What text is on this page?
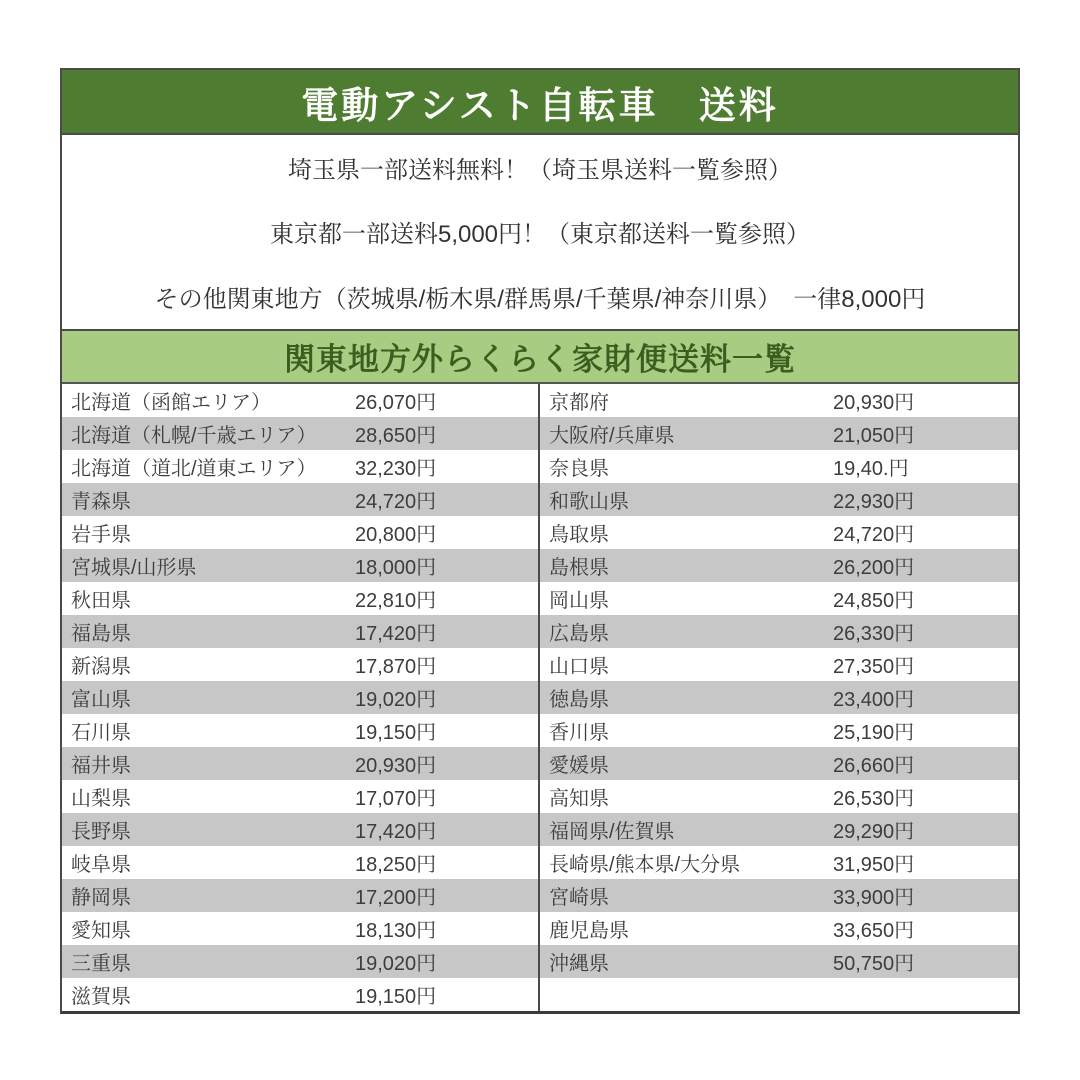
電動アシスト自転車　送料
埼玉県一部送料無料！（埼玉県送料一覧参照）
東京都一部送料5,000円！（東京都送料一覧参照）
その他関東地方（茨城県/栃木県/群馬県/千葉県/神奈川県）　一律8,000円
関東地方外らくらく家財便送料一覧
北海道（函館エリア）	26,070円
北海道（札幌/千歳エリア） 28,650円
北海道（道北/道東エリア） 32,230円
青森県	24,720円
岩手県	20,800円
宮城県/山形県	18,000円
秋田県	22,810円
福島県	17,420円
新潟県	17,870円
富山県	19,020円
石川県	19,150円
福井県	20,930円
山梨県	17,070円
長野県	17,420円
岐阜県	18,250円
静岡県	17,200円
愛知県	18,130円
三重県	19,020円
滋賀県	19,150円
京都府	20,930円
大阪府/兵庫県	21,050円
奈良県	19,40.円
和歌山県	22,930円
鳥取県	24,720円
島根県	26,200円
岡山県	24,850円
広島県	26,330円
山口県	27,350円
徳島県	23,400円
香川県	25,190円
愛媛県	26,660円
高知県	26,530円
福岡県/佐賀県	29,290円
長崎県/熊本県/大分県	31,950円
宮崎県	33,900円
鹿児島県	33,650円
沖縄県	50,750円
